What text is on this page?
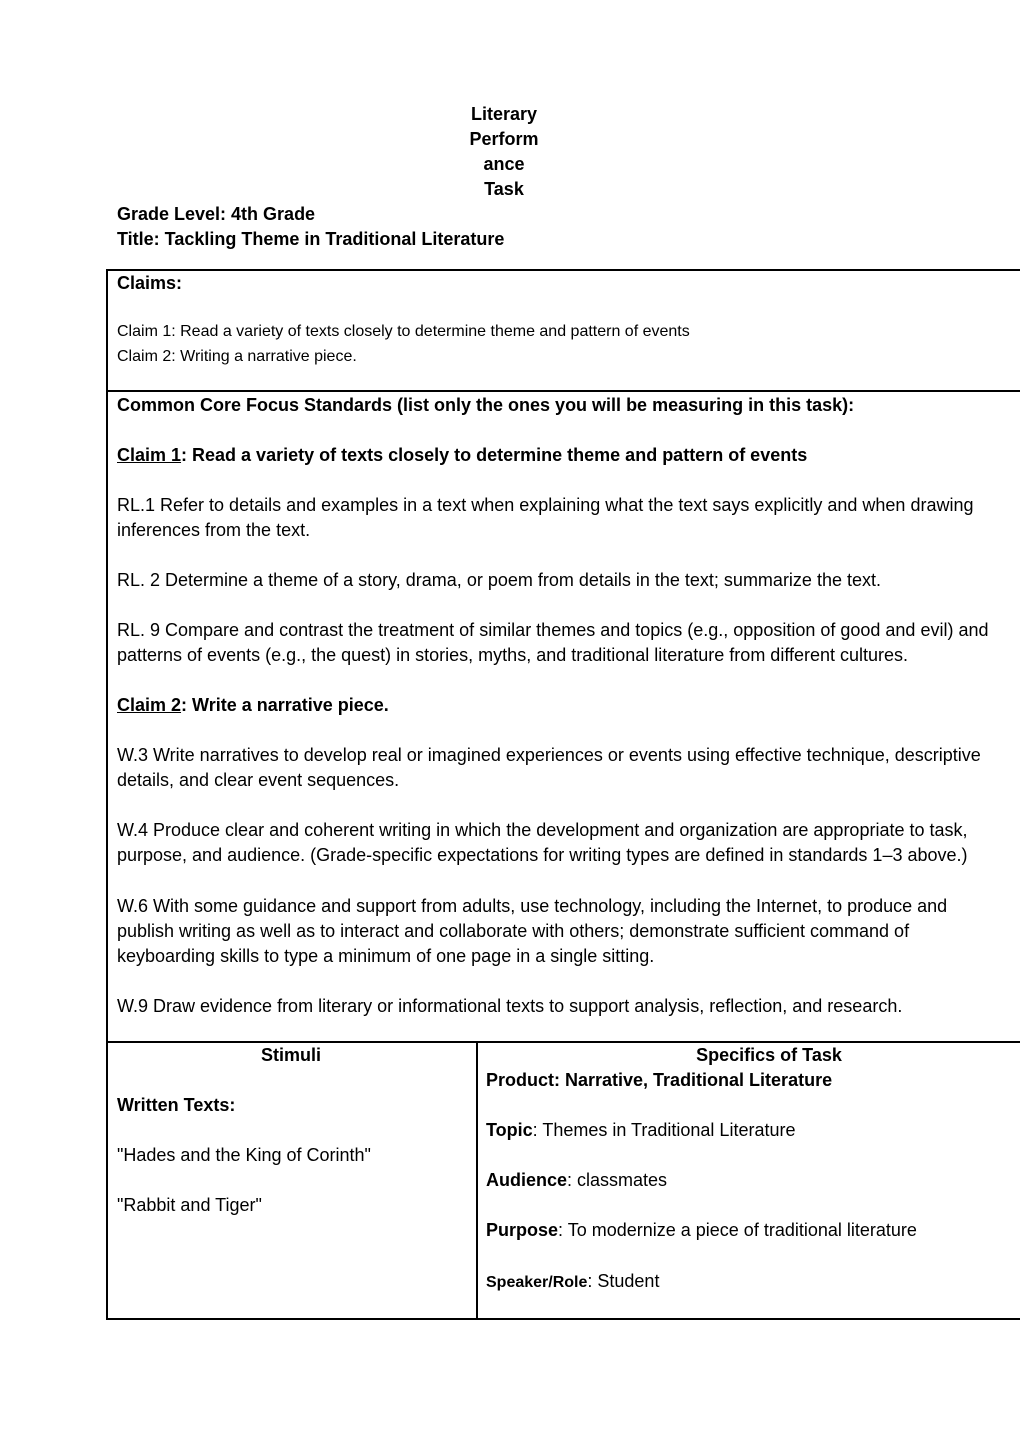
Literary
Perform
ance
Task
Grade Level: 4th Grade
Title: Tackling Theme in Traditional Literature
Claims:
Claim 1: Read a variety of texts closely to determine theme and pattern of events
Claim 2: Writing a narrative piece.
Common Core Focus Standards (list only the ones you will be measuring in this task):
Claim 1: Read a variety of texts closely to determine theme and pattern of events
RL.1 Refer to details and examples in a text when explaining what the text says explicitly and when drawing
inferences from the text.
RL. 2 Determine a theme of a story, drama, or poem from details in the text; summarize the text.
RL. 9 Compare and contrast the treatment of similar themes and topics (e.g., opposition of good and evil) and
patterns of events (e.g., the quest) in stories, myths, and traditional literature from different cultures.
Claim 2: Write a narrative piece.
W.3 Write narratives to develop real or imagined experiences or events using effective technique, descriptive
details, and clear event sequences.
W.4 Produce clear and coherent writing in which the development and organization are appropriate to task,
purpose, and audience. (Grade-specific expectations for writing types are defined in standards 1–3 above.)
W.6 With some guidance and support from adults, use technology, including the Internet, to produce and
publish writing as well as to interact and collaborate with others; demonstrate sufficient command of
keyboarding skills to type a minimum of one page in a single sitting.
W.9 Draw evidence from literary or informational texts to support analysis, reflection, and research.
Stimuli
Written Texts:
"Hades and the King of Corinth"
"Rabbit and Tiger"
Specifics of Task
Product: Narrative, Traditional Literature
Topic: Themes in Traditional Literature
Audience: classmates
Purpose: To modernize a piece of traditional literature
Speaker/Role: Student
